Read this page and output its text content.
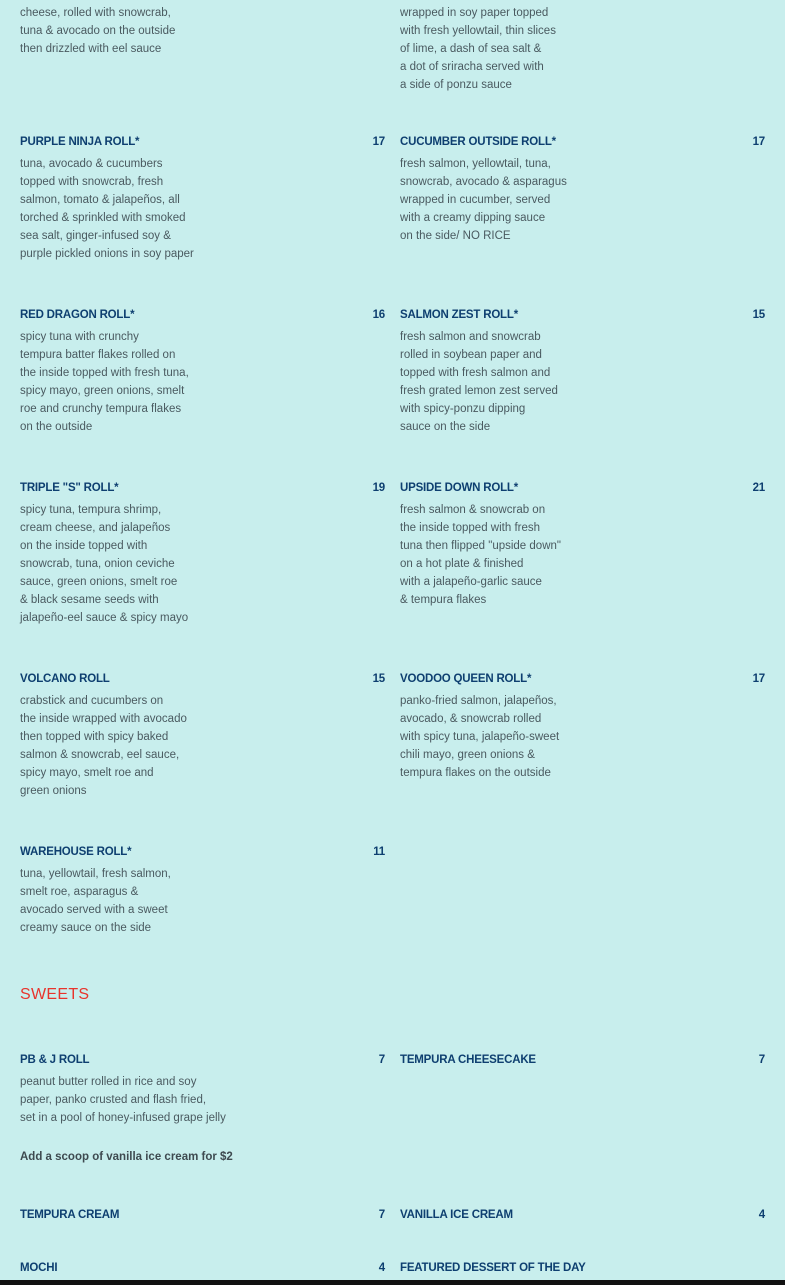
cheese, rolled with snowcrab,
tuna & avocado on the outside
then drizzled with eel sauce

wrapped in soy paper topped
with fresh yellowtail, thin slices
of lime, a dash of sea salt &
a dot of sriracha served with
a side of ponzu sauce

PURPLE NINJA ROLL*	17

tuna, avocado & cucumbers
topped with snowcrab, fresh
salmon, tomato & jalapeños, all
torched & sprinkled with smoked
sea salt, ginger-infused soy &
purple pickled onions in soy paper

CUCUMBER OUTSIDE ROLL*	17

fresh salmon, yellowtail, tuna,
snowcrab, avocado & asparagus
wrapped in cucumber, served
with a creamy dipping sauce
on the side/ NO RICE

RED DRAGON ROLL*	16

spicy tuna with crunchy
tempura batter flakes rolled on
the inside topped with fresh tuna,
spicy mayo, green onions, smelt
roe and crunchy tempura flakes
on the outside

SALMON ZEST ROLL*	15

fresh salmon and snowcrab
rolled in soybean paper and
topped with fresh salmon and
fresh grated lemon zest served
with spicy-ponzu dipping
sauce on the side

TRIPLE "S" ROLL*	19

spicy tuna, tempura shrimp,
cream cheese, and jalapeños
on the inside topped with
snowcrab, tuna, onion ceviche
sauce, green onions, smelt roe
& black sesame seeds with
jalapeño-eel sauce & spicy mayo

UPSIDE DOWN ROLL*	21

fresh salmon & snowcrab on
the inside topped with fresh
tuna then flipped "upside down"
on a hot plate & finished
with a jalapeño-garlic sauce
& tempura flakes

VOLCANO ROLL	15

crabstick and cucumbers on
the inside wrapped with avocado
then topped with spicy baked
salmon & snowcrab, eel sauce,
spicy mayo, smelt roe and
green onions

VOODOO QUEEN ROLL*	17

panko-fried salmon, jalapeños,
avocado, & snowcrab rolled
with spicy tuna, jalapeño-sweet
chili mayo, green onions &
tempura flakes on the outside

WAREHOUSE ROLL*	11

tuna, yellowtail, fresh salmon,
smelt roe, asparagus &
avocado served with a sweet
creamy sauce on the side

SWEETS
PB & J ROLL	7

peanut butter rolled in rice and soy
paper, panko crusted and flash fried,
set in a pool of honey-infused grape jelly

TEMPURA CHEESECAKE	7
Add a scoop of vanilla ice cream for $2
TEMPURA CREAM	7 VANILLA ICE CREAM	4
MOCHI	4 FEATURED DESSERT OF THE DAY
